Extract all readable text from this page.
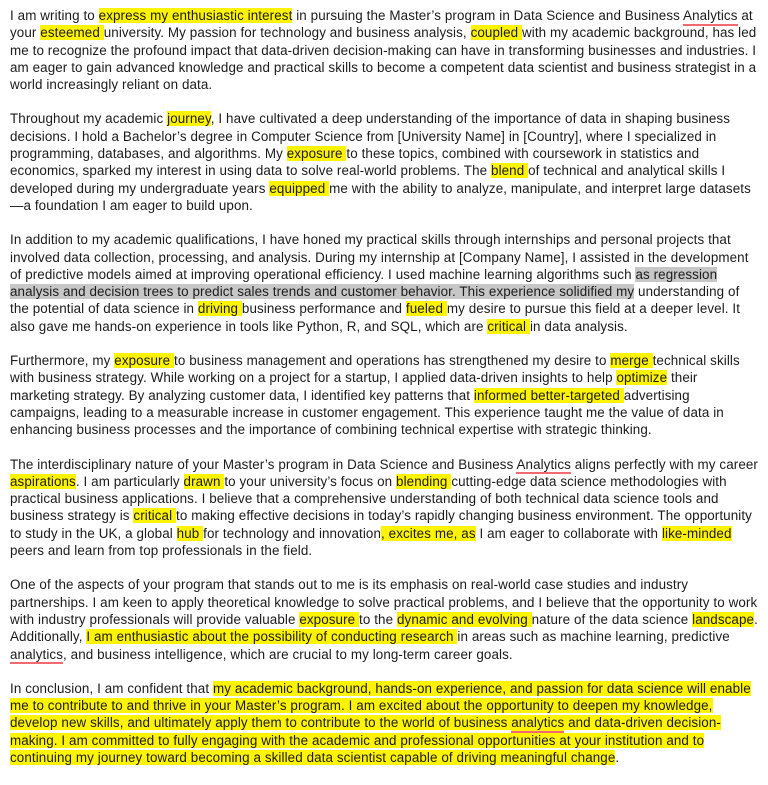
I am writing to express my enthusiastic interest in pursuing the Master’s program in Data Science and Business Analytics at your esteemed university. My passion for technology and business analysis, coupled with my academic background, has led me to recognize the profound impact that data-driven decision-making can have in transforming businesses and industries. I am eager to gain advanced knowledge and practical skills to become a competent data scientist and business strategist in a world increasingly reliant on data.

Throughout my academic journey, I have cultivated a deep understanding of the importance of data in shaping business decisions. I hold a Bachelor’s degree in Computer Science from [University Name] in [Country], where I specialized in programming, databases, and algorithms. My exposure to these topics, combined with coursework in statistics and economics, sparked my interest in using data to solve real-world problems. The blend of technical and analytical skills I developed during my undergraduate years equipped me with the ability to analyze, manipulate, and interpret large datasets—a foundation I am eager to build upon.

In addition to my academic qualifications, I have honed my practical skills through internships and personal projects that involved data collection, processing, and analysis. During my internship at [Company Name], I assisted in the development of predictive models aimed at improving operational efficiency. I used machine learning algorithms such as regression analysis and decision trees to predict sales trends and customer behavior. This experience solidified my understanding of the potential of data science in driving business performance and fueled my desire to pursue this field at a deeper level. It also gave me hands-on experience in tools like Python, R, and SQL, which are critical in data analysis.

Furthermore, my exposure to business management and operations has strengthened my desire to merge technical skills with business strategy. While working on a project for a startup, I applied data-driven insights to help optimize their marketing strategy. By analyzing customer data, I identified key patterns that informed better-targeted advertising campaigns, leading to a measurable increase in customer engagement. This experience taught me the value of data in enhancing business processes and the importance of combining technical expertise with strategic thinking.

The interdisciplinary nature of your Master’s program in Data Science and Business Analytics aligns perfectly with my career aspirations. I am particularly drawn to your university’s focus on blending cutting-edge data science methodologies with practical business applications. I believe that a comprehensive understanding of both technical data science tools and business strategy is critical to making effective decisions in today’s rapidly changing business environment. The opportunity to study in the UK, a global hub for technology and innovation, excites me, as I am eager to collaborate with like-minded peers and learn from top professionals in the field.

One of the aspects of your program that stands out to me is its emphasis on real-world case studies and industry partnerships. I am keen to apply theoretical knowledge to solve practical problems, and I believe that the opportunity to work with industry professionals will provide valuable exposure to the dynamic and evolving nature of the data science landscape. Additionally, I am enthusiastic about the possibility of conducting research in areas such as machine learning, predictive analytics, and business intelligence, which are crucial to my long-term career goals.

In conclusion, I am confident that my academic background, hands-on experience, and passion for data science will enable me to contribute to and thrive in your Master’s program. I am excited about the opportunity to deepen my knowledge, develop new skills, and ultimately apply them to contribute to the world of business analytics and data-driven decision-making. I am committed to fully engaging with the academic and professional opportunities at your institution and to continuing my journey toward becoming a skilled data scientist capable of driving meaningful change.
